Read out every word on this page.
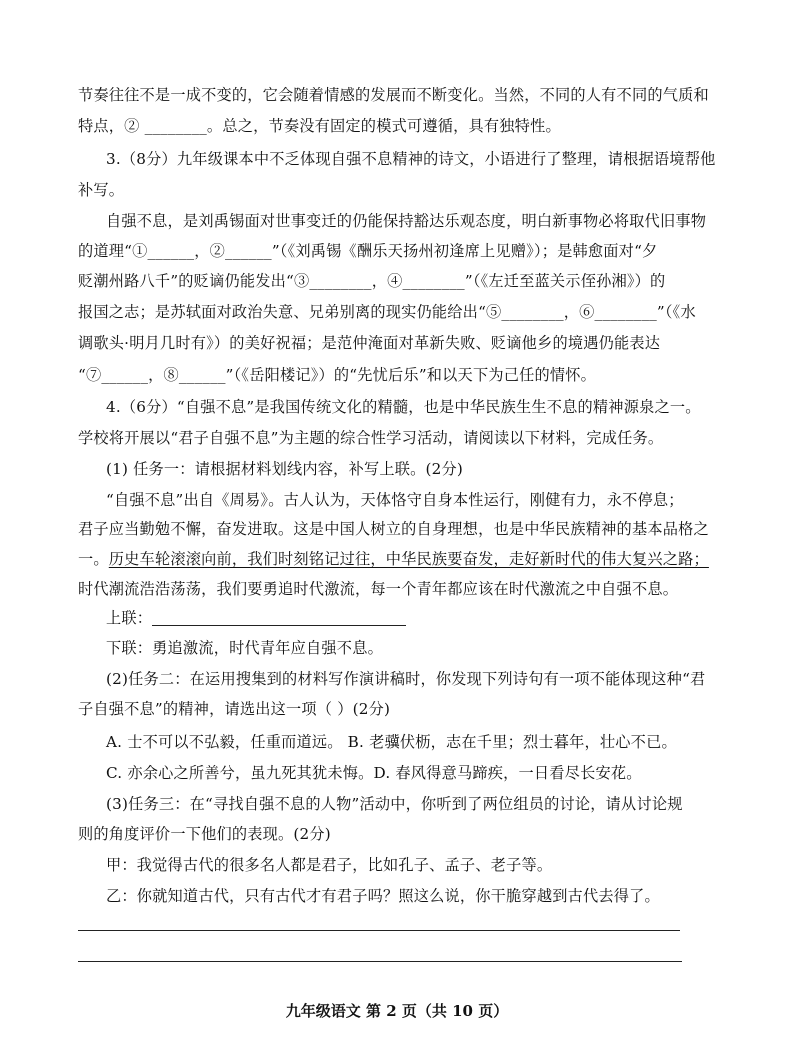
节奏往往不是一成不变的，它会随着情感的发展而不断变化。当然，不同的人有不同的气质和
特点，② ________。总之，节奏没有固定的模式可遵循，具有独特性。
3.（8分）九年级课本中不乏体现自强不息精神的诗文，小语进行了整理，请根据语境帮他
补写。
自强不息，是刘禹锡面对世事变迁的仍能保持豁达乐观态度，明白新事物必将取代旧事物
的道理“①______，②______”（《刘禹锡《酬乐天扬州初逢席上见赠》）；是韩愈面对“夕
贬潮州路八千”的贬谪仍能发出“③________，④________”（《左迁至蓝关示侄孙湘》）的
报国之志；是苏轼面对政治失意、兄弟别离的现实仍能给出“⑤________，⑥________”（《水
调歌头·明月几时有》）的美好祝福；是范仲淹面对革新失败、贬谪他乡的境遇仍能表达
“⑦______，⑧______”（《岳阳楼记》）的“先忧后乐”和以天下为己任的情怀。
4.（6分）“自强不息”是我国传统文化的精髓，也是中华民族生生不息的精神源泉之一。
学校将开展以“君子自强不息”为主题的综合性学习活动，请阅读以下材料，完成任务。
(1) 任务一：请根据材料划线内容，补写上联。(2分)
“自强不息”出自《周易》。古人认为，天体恪守自身本性运行，刚健有力，永不停息；
君子应当勤勉不懈，奋发进取。这是中国人树立的自身理想，也是中华民族精神的基本品格之
一。历史车轮滚滚向前，我们时刻铭记过往，中华民族要奋发，走好新时代的伟大复兴之路；
时代潮流浩浩荡荡，我们要勇追时代激流，每一个青年都应该在时代激流之中自强不息。
上联：
下联：勇追激流，时代青年应自强不息。
(2)任务二：在运用搜集到的材料写作演讲稿时，你发现下列诗句有一项不能体现这种“君
子自强不息”的精神，请选出这一项（ ）(2分)
A. 士不可以不弘毅，任重而道远。 B. 老骥伏枥，志在千里；烈士暮年，壮心不已。
C. 亦余心之所善兮，虽九死其犹未悔。D. 春风得意马蹄疾，一日看尽长安花。
(3)任务三：在“寻找自强不息的人物”活动中，你听到了两位组员的讨论，请从讨论规
则的角度评价一下他们的表现。(2分)
甲：我觉得古代的很多名人都是君子，比如孔子、孟子、老子等。
乙：你就知道古代，只有古代才有君子吗？照这么说，你干脆穿越到古代去得了。
九年级语文 第 2 页（共 10 页）
